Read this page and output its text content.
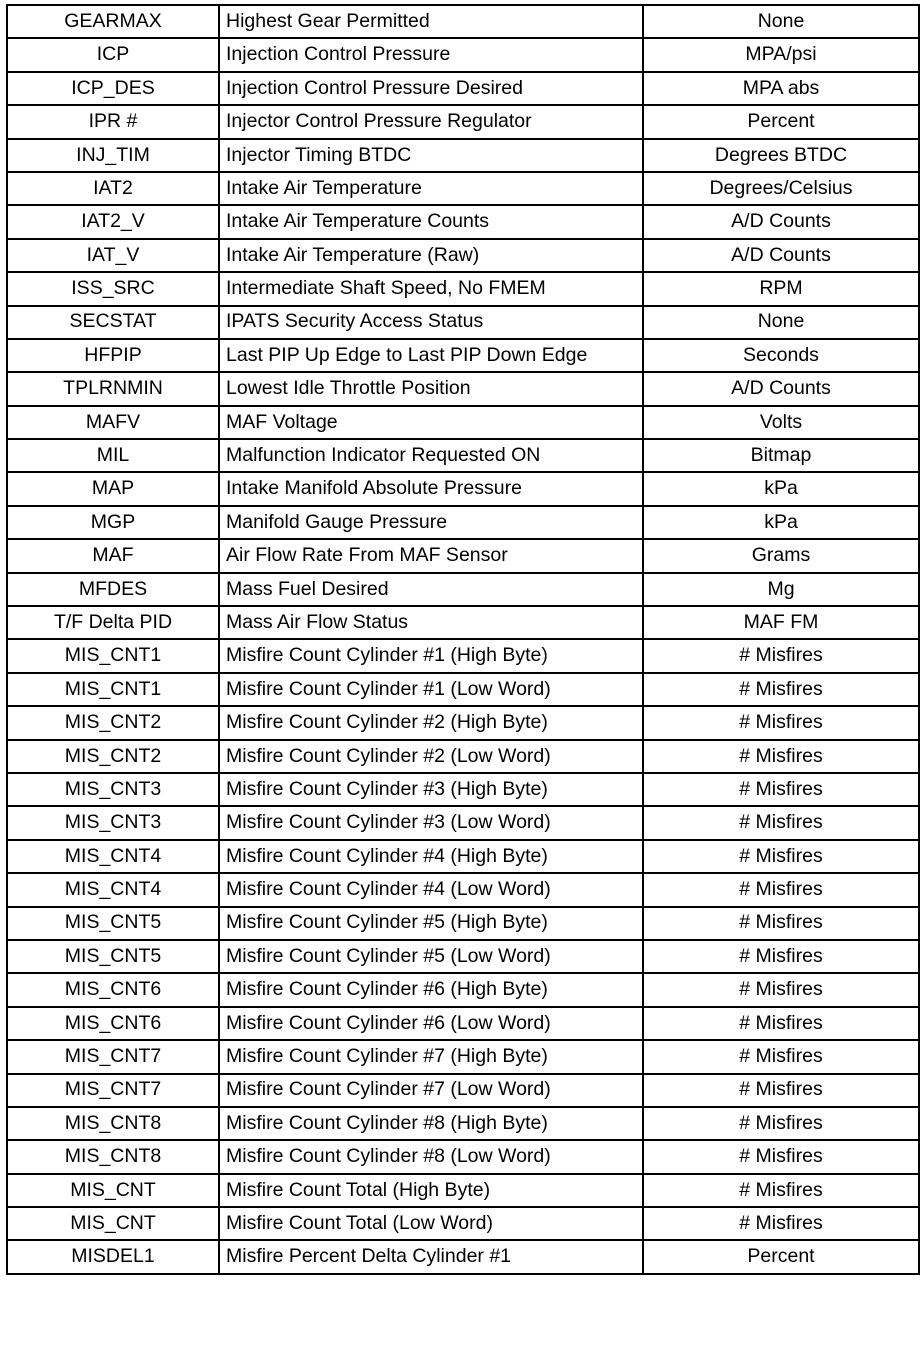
GEARMAX	Highest Gear Permitted	None
ICP	Injection Control Pressure	MPA/psi
ICP_DES	Injection Control Pressure Desired	MPA abs
IPR #	Injector Control Pressure Regulator	Percent
INJ_TIM	Injector Timing BTDC	Degrees BTDC
IAT2	Intake Air Temperature	Degrees/Celsius
IAT2_V	Intake Air Temperature Counts	A/D Counts
IAT_V	Intake Air Temperature (Raw)	A/D Counts
ISS_SRC	Intermediate Shaft Speed, No FMEM	RPM
SECSTAT	IPATS Security Access Status	None
HFPIP	Last PIP Up Edge to Last PIP Down Edge	Seconds
TPLRNMIN	Lowest Idle Throttle Position	A/D Counts
MAFV	MAF Voltage	Volts
MIL	Malfunction Indicator Requested ON	Bitmap
MAP	Intake Manifold Absolute Pressure	kPa
MGP	Manifold Gauge Pressure	kPa
MAF	Air Flow Rate From MAF Sensor	Grams
MFDES	Mass Fuel Desired	Mg
T/F Delta PID	Mass Air Flow Status	MAF FM
MIS_CNT1	Misfire Count Cylinder #1 (High Byte)	# Misfires
MIS_CNT1	Misfire Count Cylinder #1 (Low Word)	# Misfires
MIS_CNT2	Misfire Count Cylinder #2 (High Byte)	# Misfires
MIS_CNT2	Misfire Count Cylinder #2 (Low Word)	# Misfires
MIS_CNT3	Misfire Count Cylinder #3 (High Byte)	# Misfires
MIS_CNT3	Misfire Count Cylinder #3 (Low Word)	# Misfires
MIS_CNT4	Misfire Count Cylinder #4 (High Byte)	# Misfires
MIS_CNT4	Misfire Count Cylinder #4 (Low Word)	# Misfires
MIS_CNT5	Misfire Count Cylinder #5 (High Byte)	# Misfires
MIS_CNT5	Misfire Count Cylinder #5 (Low Word)	# Misfires
MIS_CNT6	Misfire Count Cylinder #6 (High Byte)	# Misfires
MIS_CNT6	Misfire Count Cylinder #6 (Low Word)	# Misfires
MIS_CNT7	Misfire Count Cylinder #7 (High Byte)	# Misfires
MIS_CNT7	Misfire Count Cylinder #7 (Low Word)	# Misfires
MIS_CNT8	Misfire Count Cylinder #8 (High Byte)	# Misfires
MIS_CNT8	Misfire Count Cylinder #8 (Low Word)	# Misfires
MIS_CNT	Misfire Count Total (High Byte)	# Misfires
MIS_CNT	Misfire Count Total (Low Word)	# Misfires
MISDEL1	Misfire Percent Delta Cylinder #1	Percent
